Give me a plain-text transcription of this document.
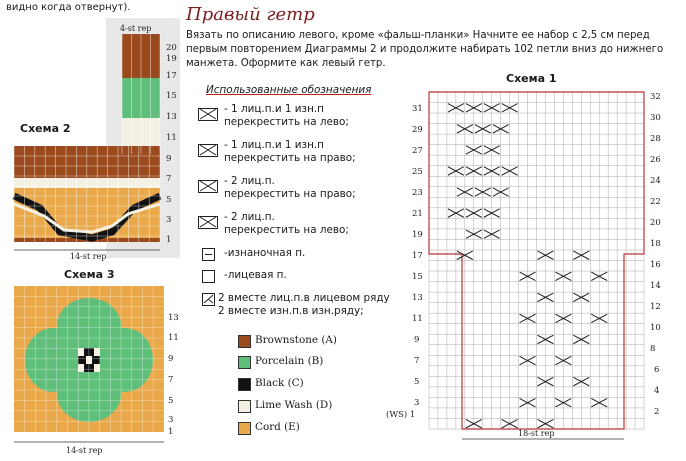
видно когда отвернут).	Правый гетр
Вязать по описанию левого, кроме «фальш-планки» Начните ее набор с 2,5 см перед первым повторением Диаграммы 2 и продолжите набирать 102 петли вниз до нижнего манжета. Оформите как левый гетр.
Схема 2
4-st rep
20
19
17
15
13
11
9
7
5
3
1
14-st rep
Схема 3
13
11
9
7
5
3
1
14-st rep
Использованные обозначения
- 1 лиц.п.и 1 изн.п
перекрестить на лево;
- 1 лиц.п.и 1 изн.п
перекрестить на право;
- 2 лиц.п.
перекрестить на право;
- 2 лиц.п.
перекрестить на лево;
-изнаночная п.
-лицевая п.
2 вместе лиц.п.в лицевом ряду
2 вместе изн.п.в изн.ряду;
Brownstone (A)
Porcelain (B)
Black (C)
Lime Wash (D)
Cord (E)
Схема 1
31
29
27
25
23
21
19
17
15
13
11
9
7
5
3
(WS) 1
32
30
28
26
24
22
20
18
16
14
12
10
8
6
4
2
18-st rep
